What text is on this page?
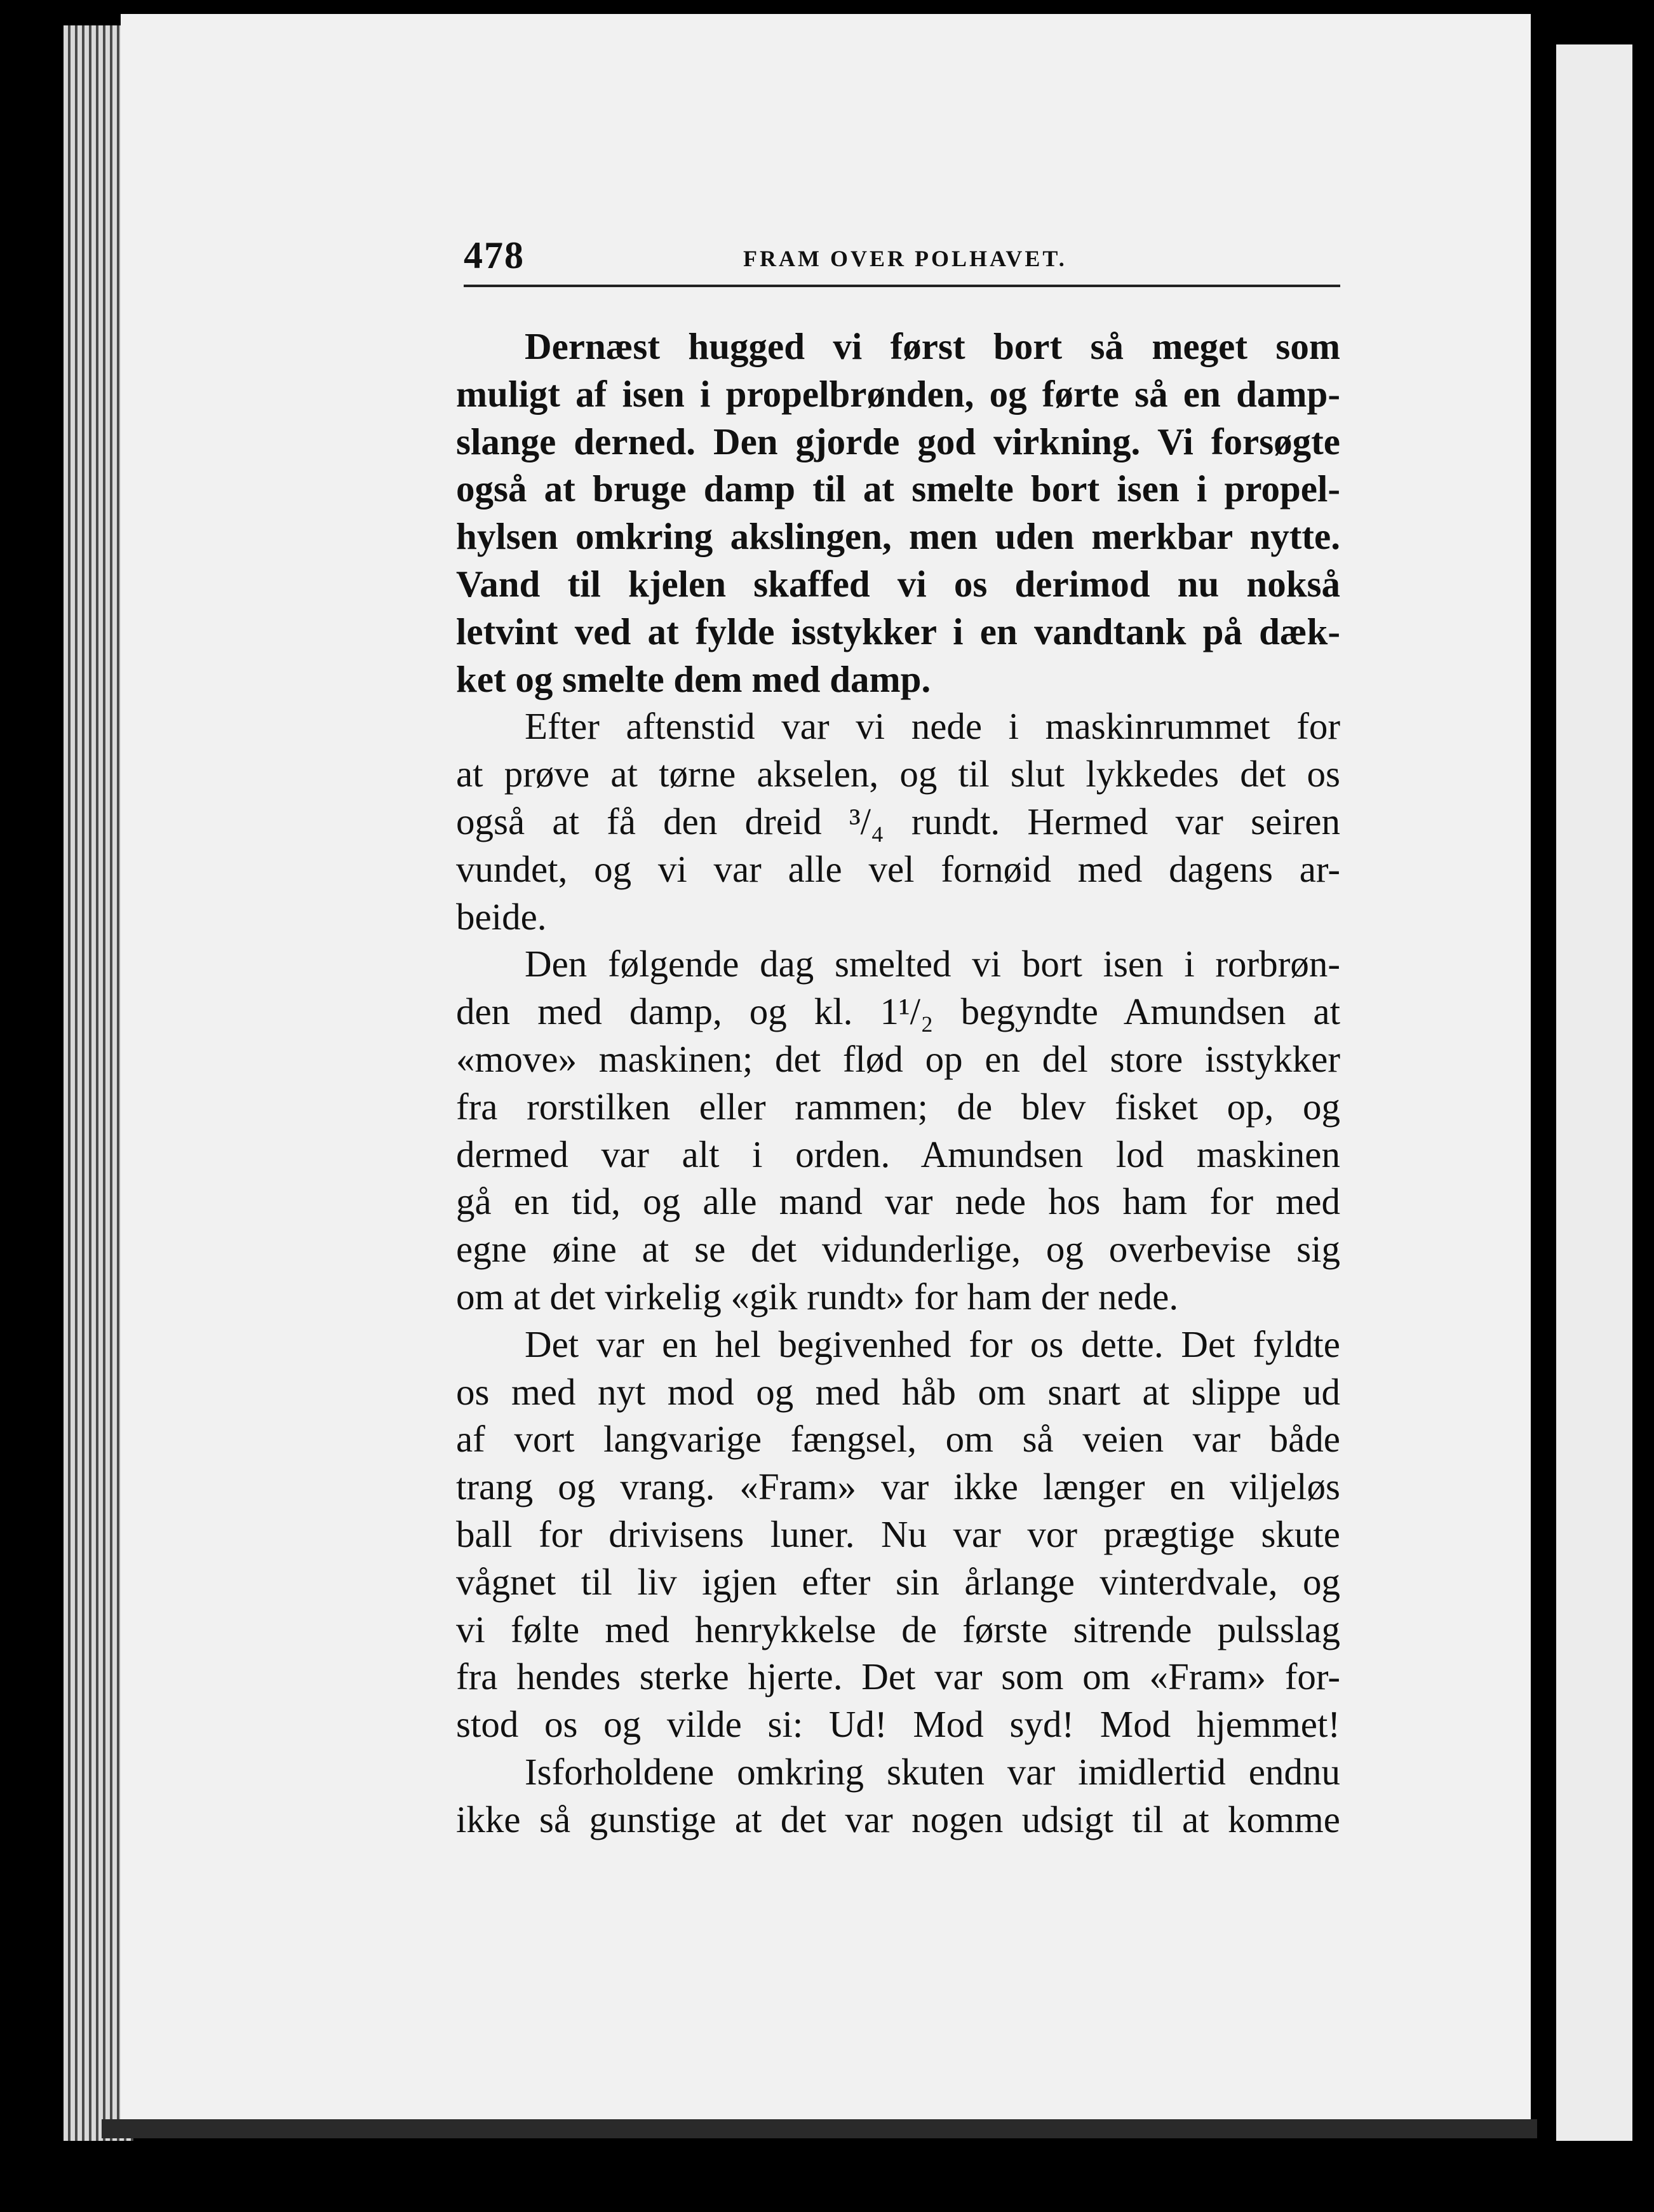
478	FRAM OVER POLHAVET.
Dernæst hugged vi først bort så meget som
muligt af isen i propelbrønden, og førte så en damp-
slange derned. Den gjorde god virkning. Vi forsøgte
også at bruge damp til at smelte bort isen i propel-
hylsen omkring akslingen, men uden merkbar nytte.
Vand til kjelen skaffed vi os derimod nu nokså
letvint ved at fylde isstykker i en vandtank på dæk-
ket og smelte dem med damp.
Efter aftenstid var vi nede i maskinrummet for
at prøve at tørne akselen, og til slut lykkedes det os
også at få den dreid ³/₄ rundt. Hermed var seiren
vundet, og vi var alle vel fornøid med dagens ar-
beide.
Den følgende dag smelted vi bort isen i rorbrøn-
den med damp, og kl. 1¹/₂ begyndte Amundsen at
«move» maskinen; det flød op en del store isstykker
fra rorstilken eller rammen; de blev fisket op, og
dermed var alt i orden. Amundsen lod maskinen
gå en tid, og alle mand var nede hos ham for med
egne øine at se det vidunderlige, og overbevise sig
om at det virkelig «gik rundt» for ham der nede.
Det var en hel begivenhed for os dette. Det fyldte
os med nyt mod og med håb om snart at slippe ud
af vort langvarige fængsel, om så veien var både
trang og vrang. «Fram» var ikke længer en viljeløs
ball for drivisens luner. Nu var vor prægtige skute
vågnet til liv igjen efter sin årlange vinterdvale, og
vi følte med henrykkelse de første sitrende pulsslag
fra hendes sterke hjerte. Det var som om «Fram» for-
stod os og vilde si: Ud! Mod syd! Mod hjemmet!
Isforholdene omkring skuten var imidlertid endnu
ikke så gunstige at det var nogen udsigt til at komme
